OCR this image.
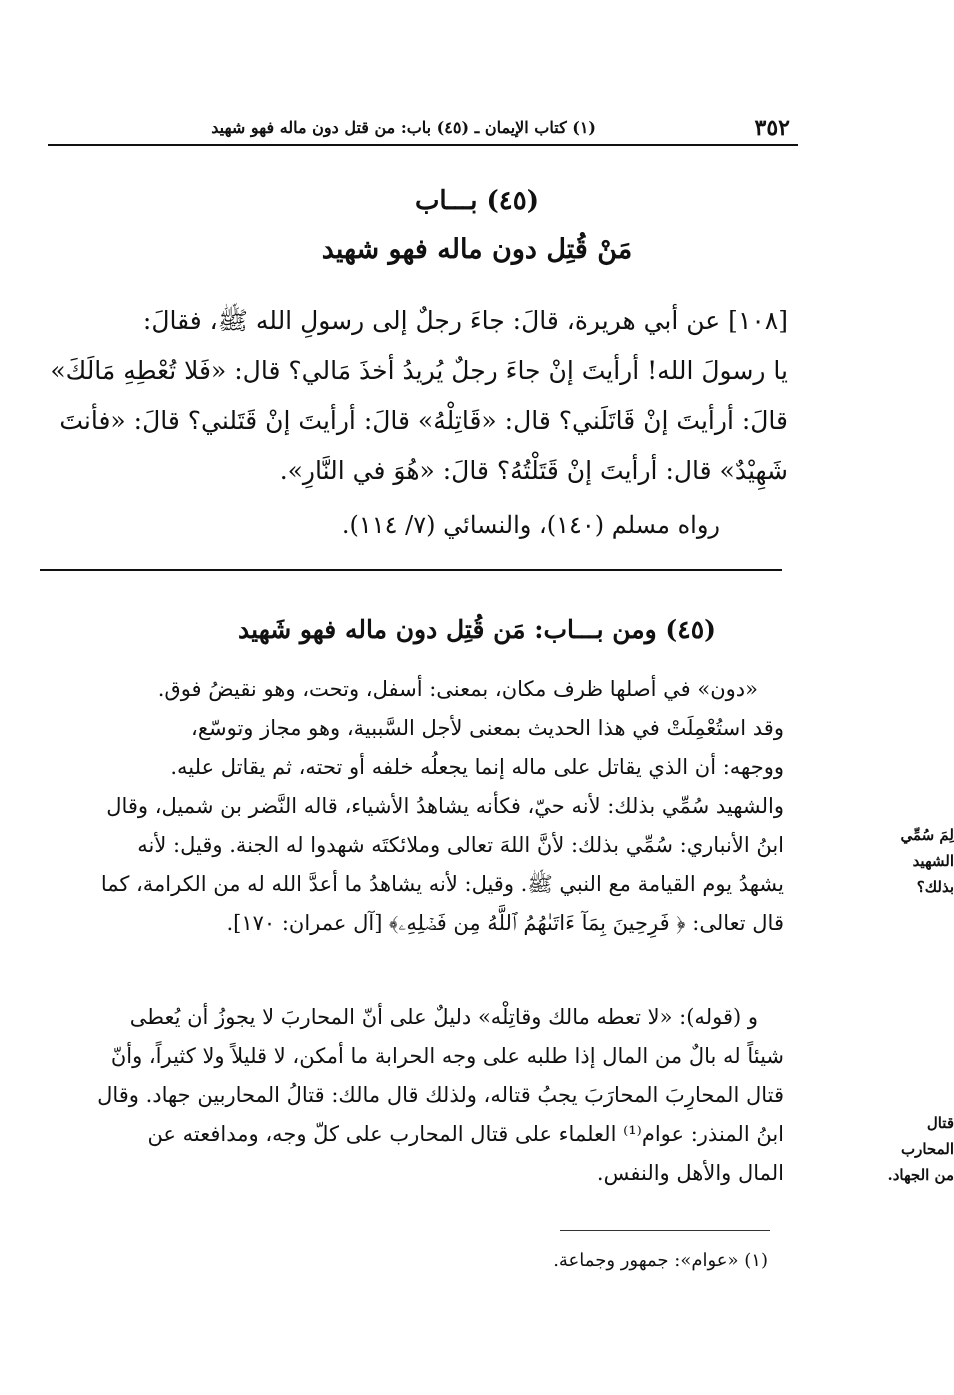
٣٥٢
(١) كتاب الإيمان ـ (٤٥) باب: من قتل دون ماله فهو شهيد
(٤٥) بـــاب
مَنْ قُتِل دون ماله فهو شهيد
[١٠٨] عن أبي هريرة، قالَ: جاءَ رجلٌ إلى رسولِ الله ﷺ، فقالَ:
يا رسولَ الله! أرأيتَ إنْ جاءَ رجلٌ يُريدُ أخذَ مَالي؟ قال: «فَلا تُعْطِهِ مَالَكَ»
قالَ: أرأيتَ إنْ قَاتَلَني؟ قال: «قَاتِلْهُ» قالَ: أرأيتَ إنْ قَتَلني؟ قالَ: «فأنتَ
شَهِيْدٌ» قال: أرأيتَ إنْ قَتَلْتُهُ؟ قالَ: «هُوَ في النَّارِ».
رواه مسلم (١٤٠)، والنسائي (٧/ ١١٤).
(٤٥) ومن بـــاب: مَن قُتِل دون ماله فهو شَهيد
«دون» في أصلها ظرف مكان، بمعنى: أسفل، وتحت، وهو نقيضُ فوق.
وقد استُعْمِلَتْ في هذا الحديث بمعنى لأجل السَّببية، وهو مجاز وتوسّع،
ووجهه: أن الذي يقاتل على ماله إنما يجعلُه خلفه أو تحته، ثم يقاتل عليه.
والشهيد سُمِّي بذلك: لأنه حيّ، فكأنه يشاهدُ الأشياء، قاله النَّضر بن شميل، وقال
ابنُ الأنباري: سُمِّي بذلك: لأنَّ اللهَ تعالى وملائكتَه شهدوا له الجنة. وقيل: لأنه
يشهدُ يوم القيامة مع النبي ﷺ. وقيل: لأنه يشاهدُ ما أعدَّ الله له من الكرامة، كما
قال تعالى: ﴿ فَرِحِينَ بِمَآ ءَاتَىٰهُمُ ٱللَّهُ مِن فَضۡلِهِۦ﴾ [آل عمران: ١٧٠].
لِمَ سُمِّي الشهيد
بذلك؟
و (قوله): «لا تعطه مالك وقاتِلْه» دليلٌ على أنّ المحاربَ لا يجوزُ أن يُعطى
شيئاً له بالٌ من المال إذا طلبه على وجه الحرابة ما أمكن، لا قليلاً ولا كثيراً، وأنّ
قتال المحارِبَ المحارَبَ يجبُ قتاله، ولذلك قال مالك: قتالُ المحاربين جهاد. وقال
ابنُ المنذر: عوام⁽¹⁾ العلماء على قتال المحارب على كلّ وجه، ومدافعته عن
المال والأهل والنفس.
قتال المحارب
من الجهاد.
(١) «عوام»: جمهور وجماعة.
